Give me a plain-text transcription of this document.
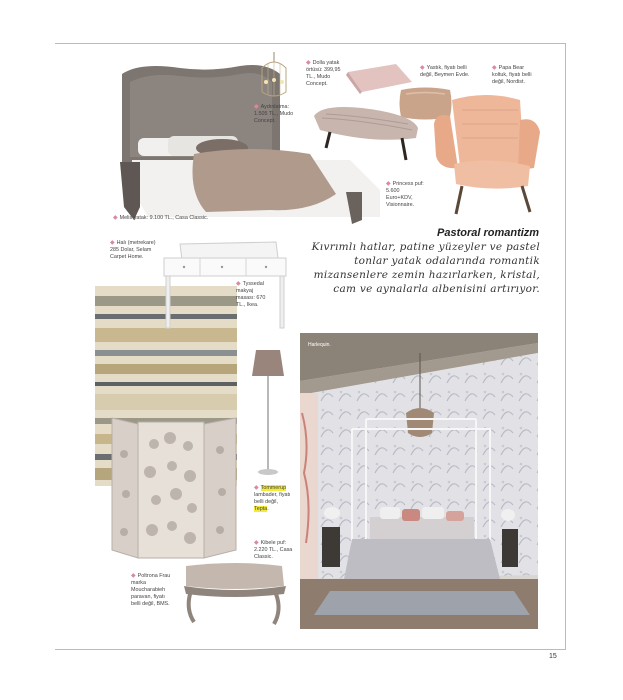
Harlequin.
◆ Aydınlatma: 1.505 TL., Mudo Concept.
◆ Dolla yatak örtüsü: 399,95 TL., Mudo Concept.
◆ Yastık, fiyatı belli değil, Beymen Evde.
◆ Papa Bear koltuk, fiyatı belli değil, Nordist.
◆ Princess puf: 5.600 Euro+KDV, Visionnaire.
◆ Melis yatak: 9.100 TL., Casa Classic.
◆ Halı (metrekare) 285 Dolar, Selam Carpet Home.
◆ Tyssedal makyaj masası: 670 TL., Ikea.
◆ Tommerup lambader, fiyatı belli değil, Tepta.
◆ Kibele puf: 2.220 TL., Casa Classic.
◆ Poltrona Frau marka Moucharabieh paravan, fiyatı belli değil, BMS.
Pastoral romantizm
Kıvrımlı hatlar, patine yüzeyler ve pastel tonlar yatak odalarında romantik mizansenlere zemin hazırlarken, kristal, cam ve aynalarla albenisini artırıyor.
15
